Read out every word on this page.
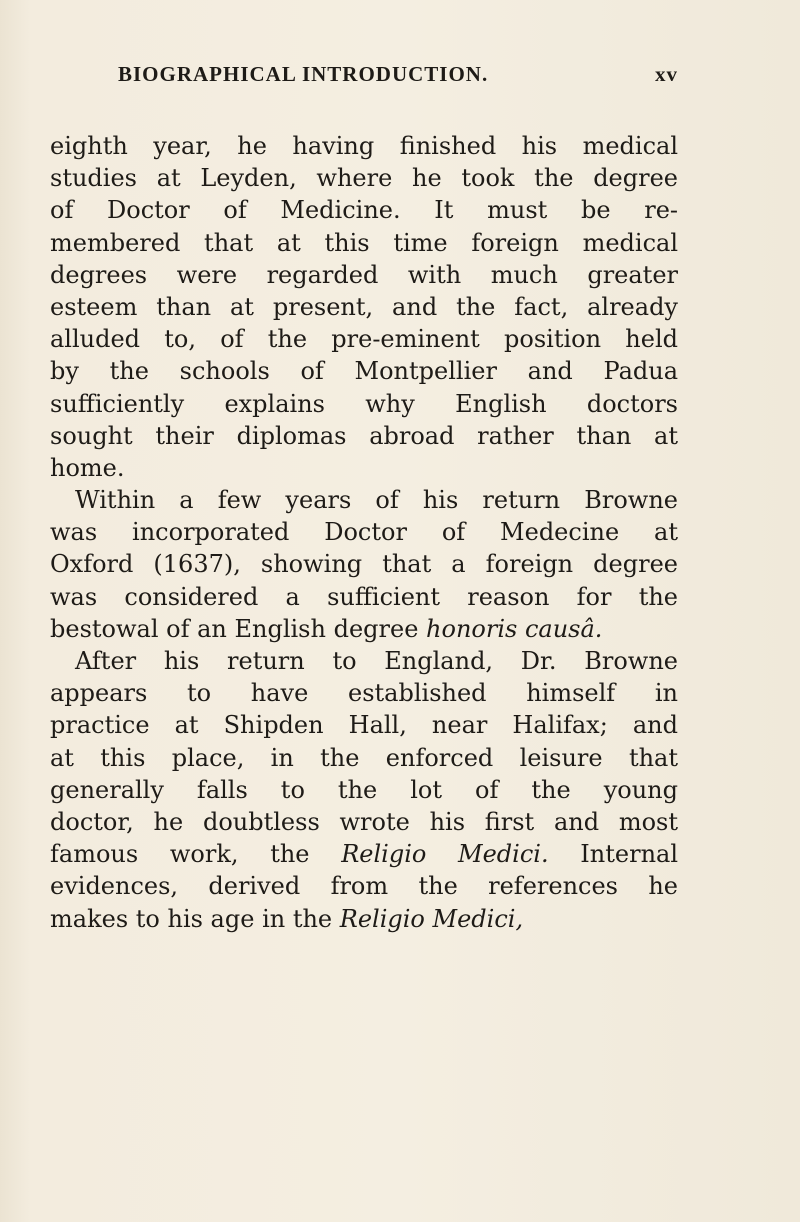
BIOGRAPHICAL INTRODUCTION.	xv
eighth year, he having finished his medical
studies at Leyden, where he took the degree
of Doctor of Medicine. It must be re-
membered that at this time foreign medical
degrees were regarded with much greater
esteem than at present, and the fact, already
alluded to, of the pre-eminent position held
by the schools of Montpellier and Padua
sufficiently explains why English doctors
sought their diplomas abroad rather than at
home.
Within a few years of his return Browne
was incorporated Doctor of Medecine at
Oxford (1637), showing that a foreign degree
was considered a sufficient reason for the
bestowal of an English degree honoris causâ.
After his return to England, Dr. Browne
appears to have established himself in
practice at Shipden Hall, near Halifax; and
at this place, in the enforced leisure that
generally falls to the lot of the young
doctor, he doubtless wrote his first and most
famous work, the Religio Medici. Internal
evidences, derived from the references he
makes to his age in the Religio Medici,
